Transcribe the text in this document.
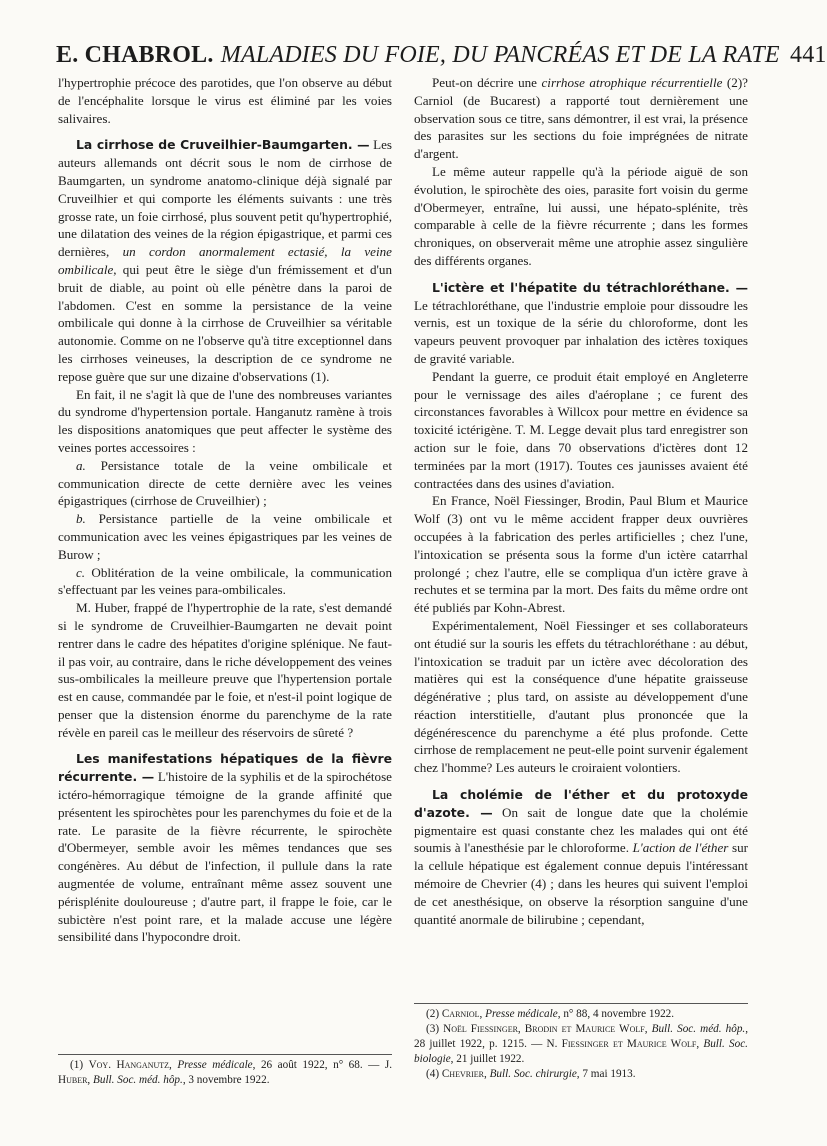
E. CHABROL. MALADIES DU FOIE, DU PANCRÉAS ET DE LA RATE 441

l'hypertrophie précoce des parotides, que l'on observe au début de l'encéphalite lorsque le virus est éliminé par les voies salivaires.

La cirrhose de Cruveilhier-Baumgarten. — Les auteurs allemands ont décrit sous le nom de cirrhose de Baumgarten, un syndrome anatomo-clinique déjà signalé par Cruveilhier et qui comporte les éléments suivants : une très grosse rate, un foie cirrhosé, plus souvent petit qu'hypertrophié, une dilatation des veines de la région épigastrique, et parmi ces dernières, un cordon anormalement ectasié, la veine ombilicale, qui peut être le siège d'un frémissement et d'un bruit de diable, au point où elle pénètre dans la paroi de l'abdomen. C'est en somme la persistance de la veine ombilicale qui donne à la cirrhose de Cruveilhier sa véritable autonomie. Comme on ne l'observe qu'à titre exceptionnel dans les cirrhoses veineuses, la description de ce syndrome ne repose guère que sur une dizaine d'observations (1).

En fait, il ne s'agit là que de l'une des nombreuses variantes du syndrome d'hypertension portale. Hanganutz ramène à trois les dispositions anatomiques que peut affecter le système des veines portes accessoires :

a. Persistance totale de la veine ombilicale et communication directe de cette dernière avec les veines épigastriques (cirrhose de Cruveilhier) ;

b. Persistance partielle de la veine ombilicale et communication avec les veines épigastriques par les veines de Burow ;

c. Oblitération de la veine ombilicale, la communication s'effectuant par les veines para-ombilicales.

M. Huber, frappé de l'hypertrophie de la rate, s'est demandé si le syndrome de Cruveilhier-Baumgarten ne devait point rentrer dans le cadre des hépatites d'origine splénique. Ne faut-il pas voir, au contraire, dans le riche développement des veines sus-ombilicales la meilleure preuve que l'hypertension portale est en cause, commandée par le foie, et n'est-il point logique de penser que la distension énorme du parenchyme de la rate révèle en pareil cas le meilleur des réservoirs de sûreté ?

Les manifestations hépatiques de la fièvre récurrente. — L'histoire de la syphilis et de la spirochétose ictéro-hémorragique témoigne de la grande affinité que présentent les spirochètes pour les parenchymes du foie et de la rate. Le parasite de la fièvre récurrente, le spirochète d'Obermeyer, semble avoir les mêmes tendances que ses congénères. Au début de l'infection, il pullule dans la rate augmentée de volume, entraînant même assez souvent une périsplénite douloureuse ; d'autre part, il frappe le foie, car le subictère n'est point rare, et la malade accuse une légère sensibilité dans l'hypocondre droit.

(1) Voy. Hanganutz, Presse médicale, 26 août 1922, n° 68. — J. Huber, Bull. Soc. méd. hôp., 3 novembre 1922.

Peut-on décrire une cirrhose atrophique récurrentielle (2)? Carniol (de Bucarest) a rapporté tout dernièrement une observation sous ce titre, sans démontrer, il est vrai, la présence des parasites sur les sections du foie imprégnées de nitrate d'argent.

Le même auteur rappelle qu'à la période aiguë de son évolution, le spirochète des oies, parasite fort voisin du germe d'Obermeyer, entraîne, lui aussi, une hépato-splénite, très comparable à celle de la fièvre récurrente ; dans les formes chroniques, on observerait même une atrophie assez singulière des différents organes.

L'ictère et l'hépatite du tétrachloréthane. — Le tétrachloréthane, que l'industrie emploie pour dissoudre les vernis, est un toxique de la série du chloroforme, dont les vapeurs peuvent provoquer par inhalation des ictères toxiques de gravité variable.

Pendant la guerre, ce produit était employé en Angleterre pour le vernissage des ailes d'aéroplane ; ce furent des circonstances favorables à Willcox pour mettre en évidence sa toxicité ictérigène. T. M. Legge devait plus tard enregistrer son action sur le foie, dans 70 observations d'ictères dont 12 terminées par la mort (1917). Toutes ces jaunisses avaient été contractées dans des usines d'aviation.

En France, Noël Fiessinger, Brodin, Paul Blum et Maurice Wolf (3) ont vu le même accident frapper deux ouvrières occupées à la fabrication des perles artificielles ; chez l'une, l'intoxication se présenta sous la forme d'un ictère catarrhal prolongé ; chez l'autre, elle se compliqua d'un ictère grave à rechutes et se termina par la mort. Des faits du même ordre ont été publiés par Kohn-Abrest.

Expérimentalement, Noël Fiessinger et ses collaborateurs ont étudié sur la souris les effets du tétrachloréthane : au début, l'intoxication se traduit par un ictère avec décoloration des matières qui est la conséquence d'une hépatite graisseuse dégénérative ; plus tard, on assiste au développement d'une réaction interstitielle, d'autant plus prononcée que la dégénérescence du parenchyme a été plus profonde. Cette cirrhose de remplacement ne peut-elle point survenir également chez l'homme? Les auteurs le croiraient volontiers.

La cholémie de l'éther et du protoxyde d'azote. — On sait de longue date que la cholémie pigmentaire est quasi constante chez les malades qui ont été soumis à l'anesthésie par le chloroforme. L'action de l'éther sur la cellule hépatique est également connue depuis l'intéressant mémoire de Chevrier (4) ; dans les heures qui suivent l'emploi de cet anesthésique, on observe la résorption sanguine d'une quantité anormale de bilirubine ; cependant,

(2) Carniol, Presse médicale, n° 88, 4 novembre 1922.

(3) Noël Fiessinger, Brodin et Maurice Wolf, Bull. Soc. méd. hôp., 28 juillet 1922, p. 1215. — N. Fiessinger et Maurice Wolf, Bull. Soc. biologie, 21 juillet 1922.

(4) Chevrier, Bull. Soc. chirurgie, 7 mai 1913.
